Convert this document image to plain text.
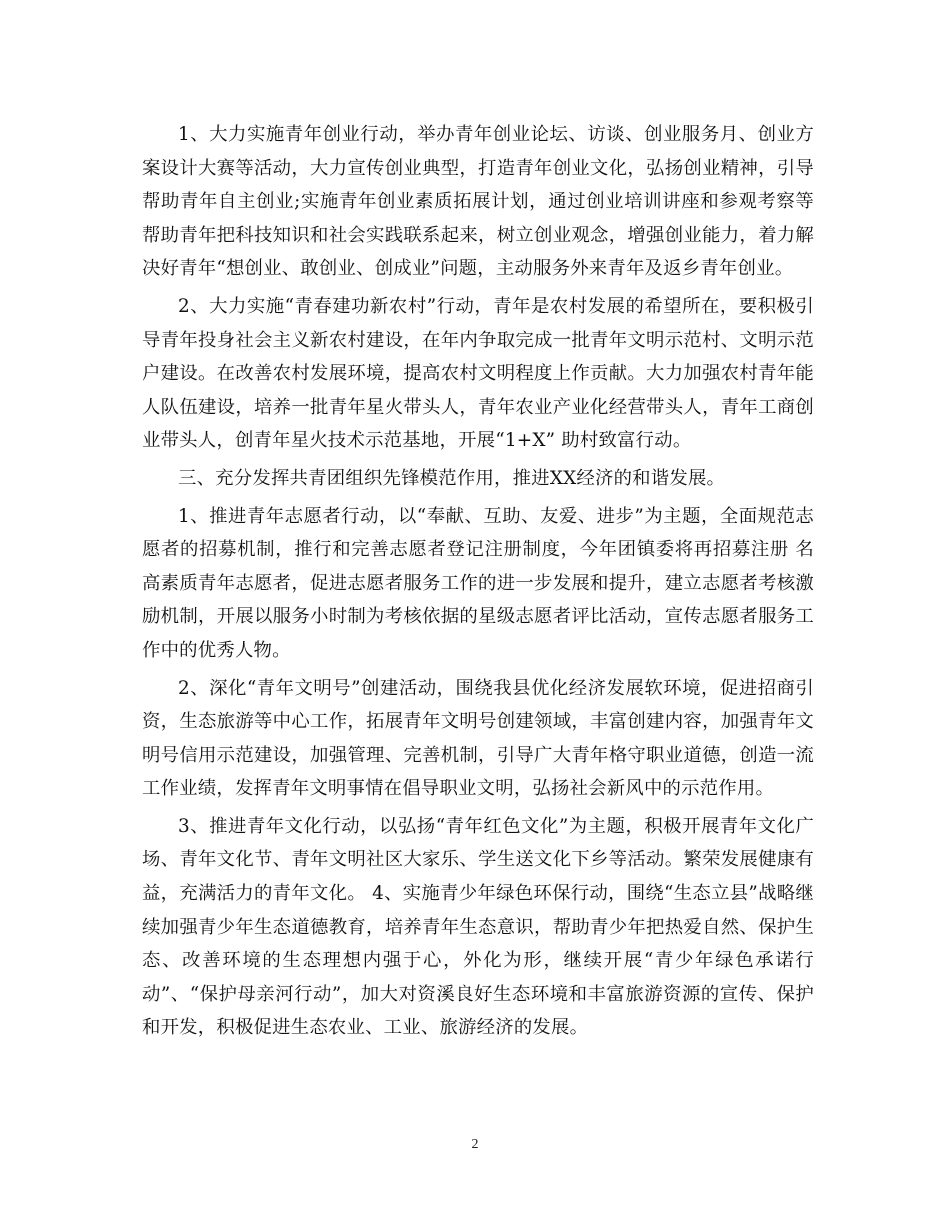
1、大力实施青年创业行动，举办青年创业论坛、访谈、创业服务月、创业方案设计大赛等活动，大力宣传创业典型，打造青年创业文化，弘扬创业精神，引导帮助青年自主创业;实施青年创业素质拓展计划，通过创业培训讲座和参观考察等帮助青年把科技知识和社会实践联系起来，树立创业观念，增强创业能力，着力解决好青年“想创业、敢创业、创成业”问题，主动服务外来青年及返乡青年创业。

2、大力实施“青春建功新农村”行动，青年是农村发展的希望所在，要积极引导青年投身社会主义新农村建设，在年内争取完成一批青年文明示范村、文明示范户建设。在改善农村发展环境，提高农村文明程度上作贡献。大力加强农村青年能人队伍建设，培养一批青年星火带头人，青年农业产业化经营带头人，青年工商创业带头人，创青年星火技术示范基地，开展“1+X” 助村致富行动。

三、充分发挥共青团组织先锋模范作用，推进XX经济的和谐发展。

1、推进青年志愿者行动，以“奉献、互助、友爱、进步”为主题，全面规范志愿者的招募机制，推行和完善志愿者登记注册制度，今年团镇委将再招募注册 名高素质青年志愿者，促进志愿者服务工作的进一步发展和提升，建立志愿者考核激励机制，开展以服务小时制为考核依据的星级志愿者评比活动，宣传志愿者服务工作中的优秀人物。

2、深化“青年文明号”创建活动，围绕我县优化经济发展软环境，促进招商引资，生态旅游等中心工作，拓展青年文明号创建领域，丰富创建内容，加强青年文明号信用示范建设，加强管理、完善机制，引导广大青年格守职业道德，创造一流工作业绩，发挥青年文明事情在倡导职业文明，弘扬社会新风中的示范作用。

3、推进青年文化行动，以弘扬“青年红色文化”为主题，积极开展青年文化广场、青年文化节、青年文明社区大家乐、学生送文化下乡等活动。繁荣发展健康有益，充满活力的青年文化。 4、实施青少年绿色环保行动，围绕“生态立县”战略继续加强青少年生态道德教育，培养青年生态意识，帮助青少年把热爱自然、保护生态、改善环境的生态理想内强于心，外化为形，继续开展“青少年绿色承诺行动”、“保护母亲河行动”，加大对资溪良好生态环境和丰富旅游资源的宣传、保护和开发，积极促进生态农业、工业、旅游经济的发展。

2
